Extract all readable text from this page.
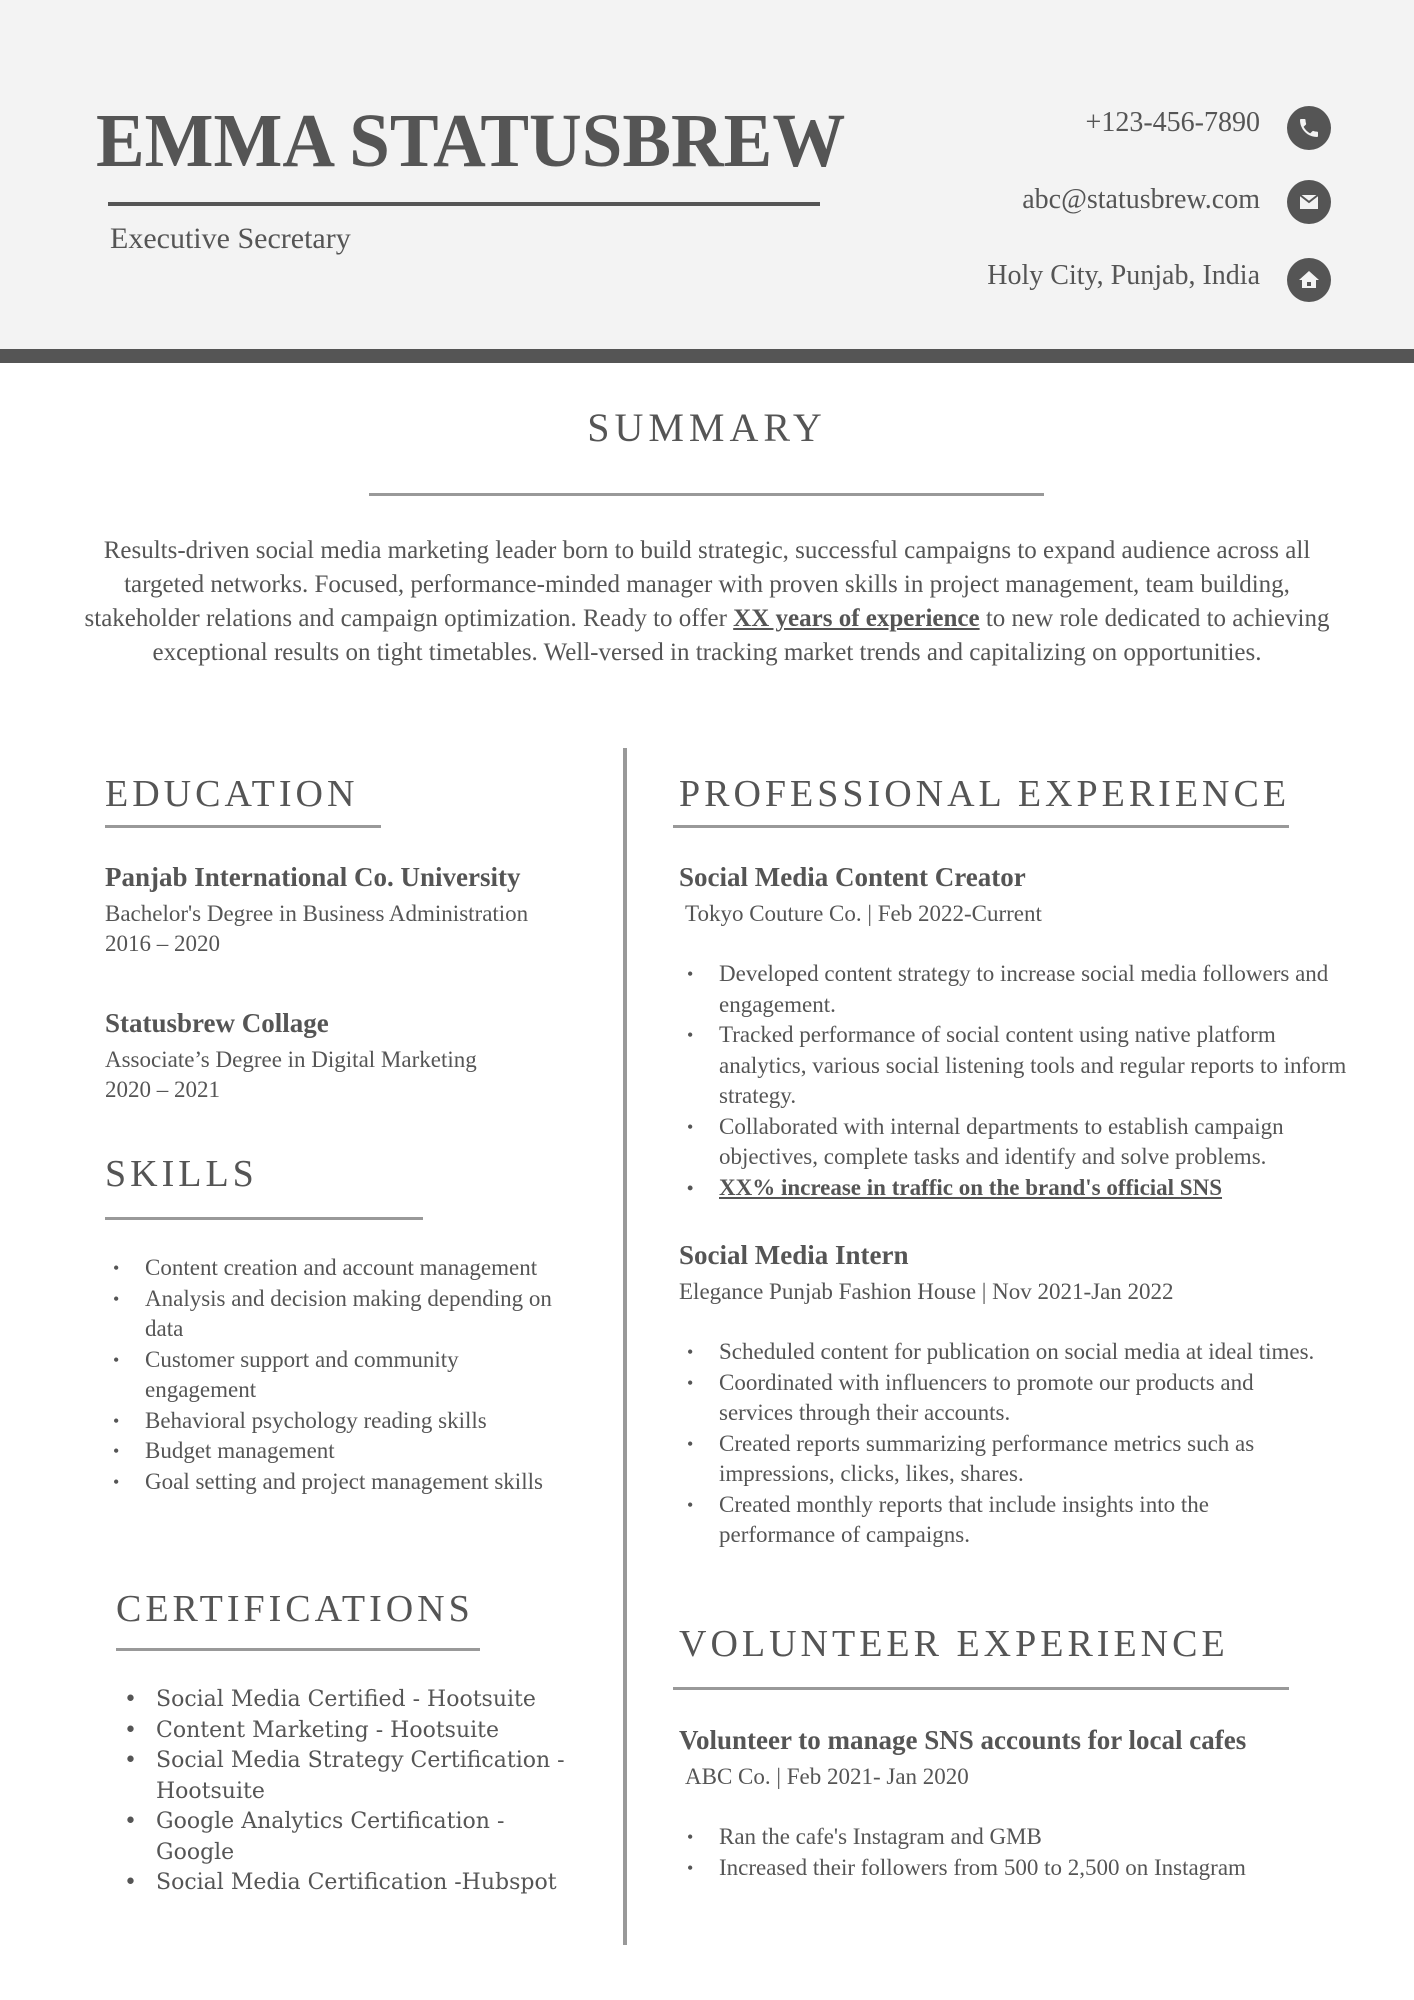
EMMA STATUSBREW
Executive Secretary
+123-456-7890
abc@statusbrew.com
Holy City, Punjab, India
SUMMARY
Results-driven social media marketing leader born to build strategic, successful campaigns to expand audience across all targeted networks. Focused, performance-minded manager with proven skills in project management, team building, stakeholder relations and campaign optimization. Ready to offer XX years of experience to new role dedicated to achieving exceptional results on tight timetables. Well-versed in tracking market trends and capitalizing on opportunities.
EDUCATION
Panjab International Co. University
Bachelor's Degree in Business Administration
2016 – 2020
Statusbrew Collage
Associate’s Degree in Digital Marketing
2020 – 2021
SKILLS
• Content creation and account management
• Analysis and decision making depending on data
• Customer support and community engagement
• Behavioral psychology reading skills
• Budget management
• Goal setting and project management skills
CERTIFICATIONS
• Social Media Certified - Hootsuite
• Content Marketing - Hootsuite
• Social Media Strategy Certification - Hootsuite
• Google Analytics Certification - Google
• Social Media Certification -Hubspot
PROFESSIONAL EXPERIENCE
Social Media Content Creator
Tokyo Couture Co. | Feb 2022-Current
• Developed content strategy to increase social media followers and engagement.
• Tracked performance of social content using native platform analytics, various social listening tools and regular reports to inform strategy.
• Collaborated with internal departments to establish campaign objectives, complete tasks and identify and solve problems.
• XX% increase in traffic on the brand's official SNS
Social Media Intern
Elegance Punjab Fashion House | Nov 2021-Jan 2022
• Scheduled content for publication on social media at ideal times.
• Coordinated with influencers to promote our products and services through their accounts.
• Created reports summarizing performance metrics such as impressions, clicks, likes, shares.
• Created monthly reports that include insights into the performance of campaigns.
VOLUNTEER EXPERIENCE
Volunteer to manage SNS accounts for local cafes
ABC Co. | Feb 2021- Jan 2020
• Ran the cafe's Instagram and GMB
• Increased their followers from 500 to 2,500 on Instagram
